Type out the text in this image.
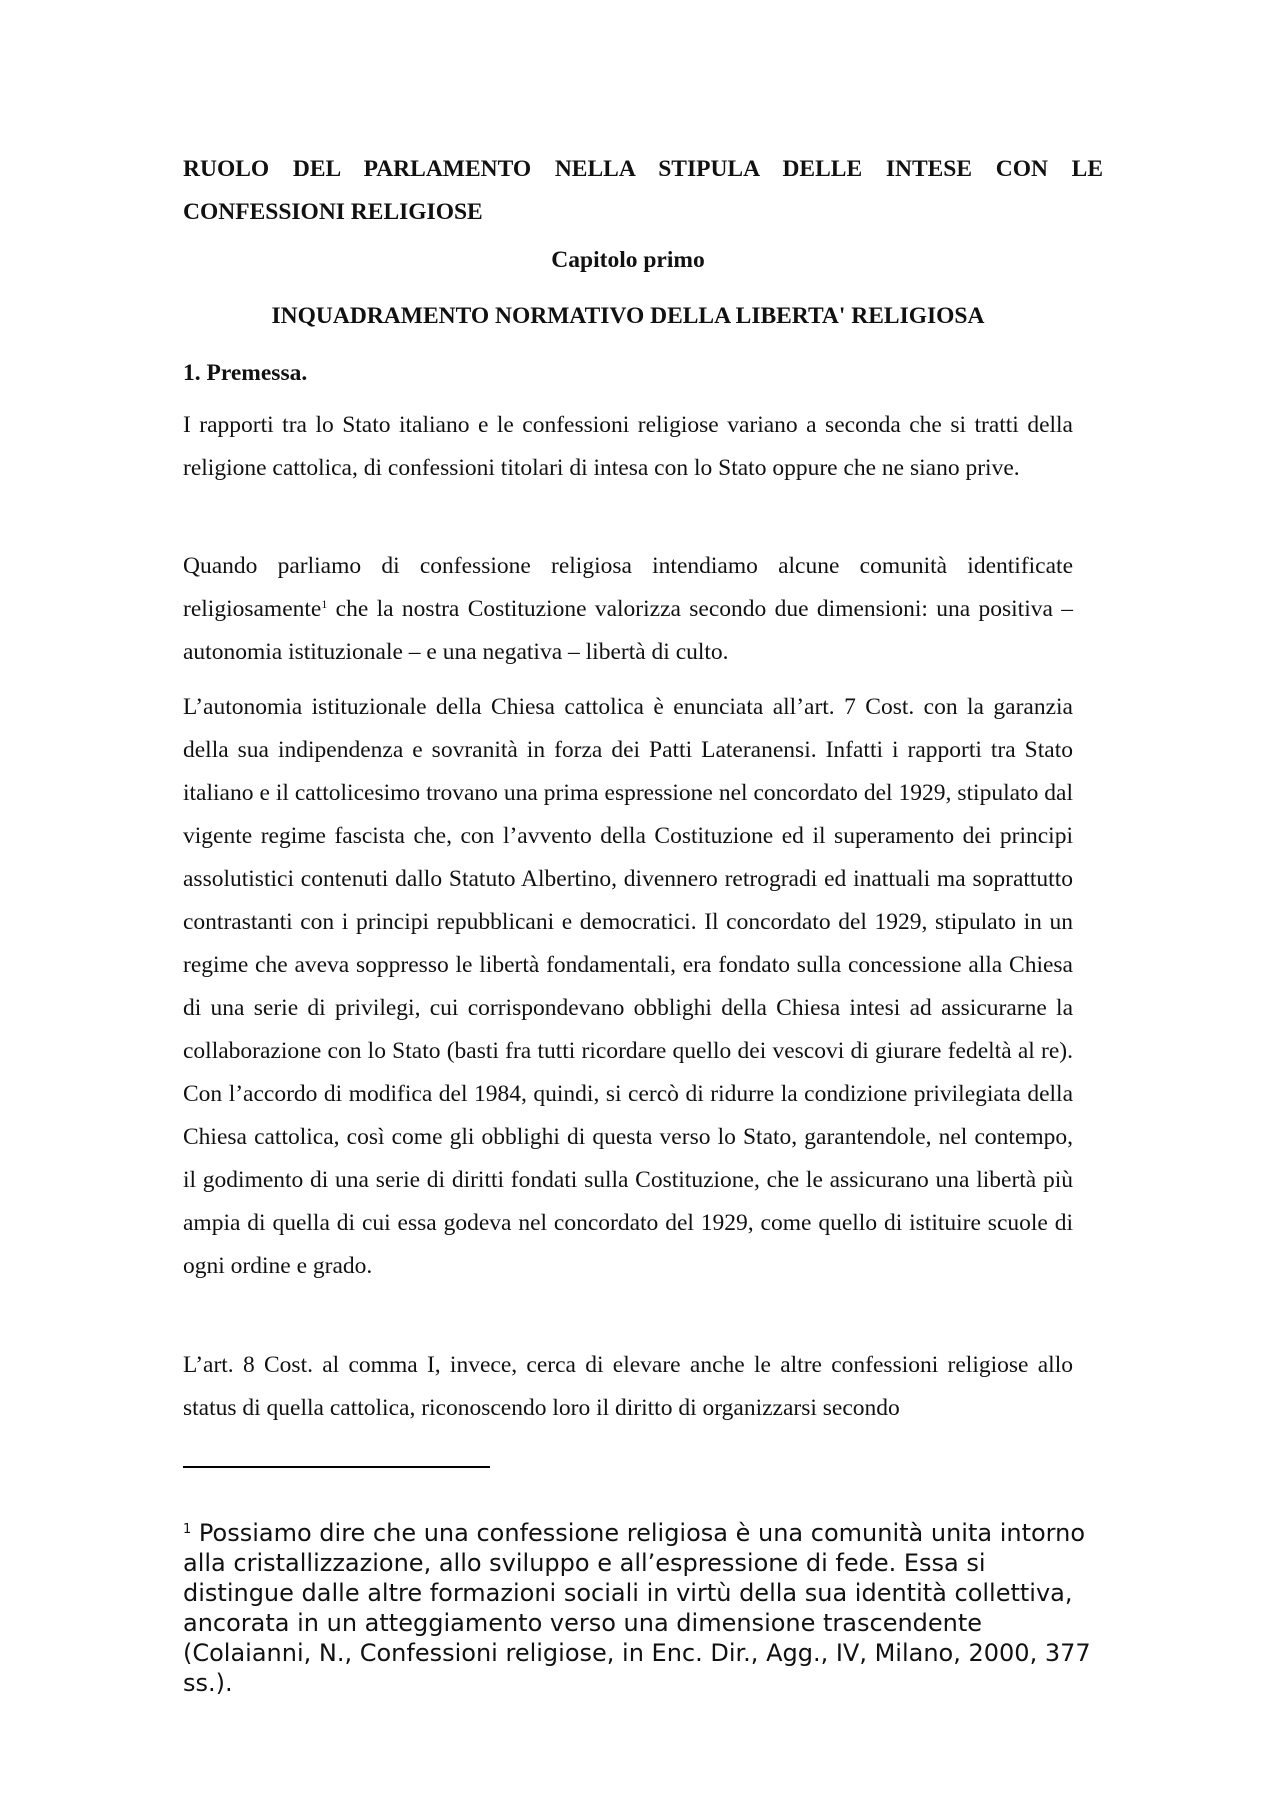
RUOLO DEL PARLAMENTO NELLA STIPULA DELLE INTESE CON LE CONFESSIONI RELIGIOSE
Capitolo primo
INQUADRAMENTO NORMATIVO DELLA LIBERTA' RELIGIOSA
1. Premessa.

I rapporti tra lo Stato italiano e le confessioni religiose variano a seconda che si tratti della religione cattolica, di confessioni titolari di intesa con lo Stato oppure che ne siano prive.

Quando parliamo di confessione religiosa intendiamo alcune comunità identificate religiosamente$^1$ che la nostra Costituzione valorizza secondo due dimensioni: una positiva – autonomia istituzionale – e una negativa – libertà di culto.

L’autonomia istituzionale della Chiesa cattolica è enunciata all’art. 7 Cost. con la garanzia della sua indipendenza e sovranità in forza dei Patti Lateranensi. Infatti i rapporti tra Stato italiano e il cattolicesimo trovano una prima espressione nel concordato del 1929, stipulato dal vigente regime fascista che, con l’avvento della Costituzione ed il superamento dei principi assolutistici contenuti dallo Statuto Albertino, divennero retrogradi ed inattuali ma soprattutto contrastanti con i principi repubblicani e democratici. Il concordato del 1929, stipulato in un regime che aveva soppresso le libertà fondamentali, era fondato sulla concessione alla Chiesa di una serie di privilegi, cui corrispondevano obblighi della Chiesa intesi ad assicurarne la collaborazione con lo Stato (basti fra tutti ricordare quello dei vescovi di giurare fedeltà al re). Con l’accordo di modifica del 1984, quindi, si cercò di ridurre la condizione privilegiata della Chiesa cattolica, così come gli obblighi di questa verso lo Stato, garantendole, nel contempo, il godimento di una serie di diritti fondati sulla Costituzione, che le assicurano una libertà più ampia di quella di cui essa godeva nel concordato del 1929, come quello di istituire scuole di ogni ordine e grado.

L’art. 8 Cost. al comma I, invece, cerca di elevare anche le altre confessioni religiose allo status di quella cattolica, riconoscendo loro il diritto di organizzarsi secondo

$^1$ Possiamo dire che una confessione religiosa è una comunità unita intorno alla cristallizzazione, allo sviluppo e all’espressione di fede. Essa si distingue dalle altre formazioni sociali in virtù della sua identità collettiva, ancorata in un atteggiamento verso una dimensione trascendente (Colaianni, N., Confessioni religiose, in Enc. Dir., Agg., IV, Milano, 2000, 377 ss.).
